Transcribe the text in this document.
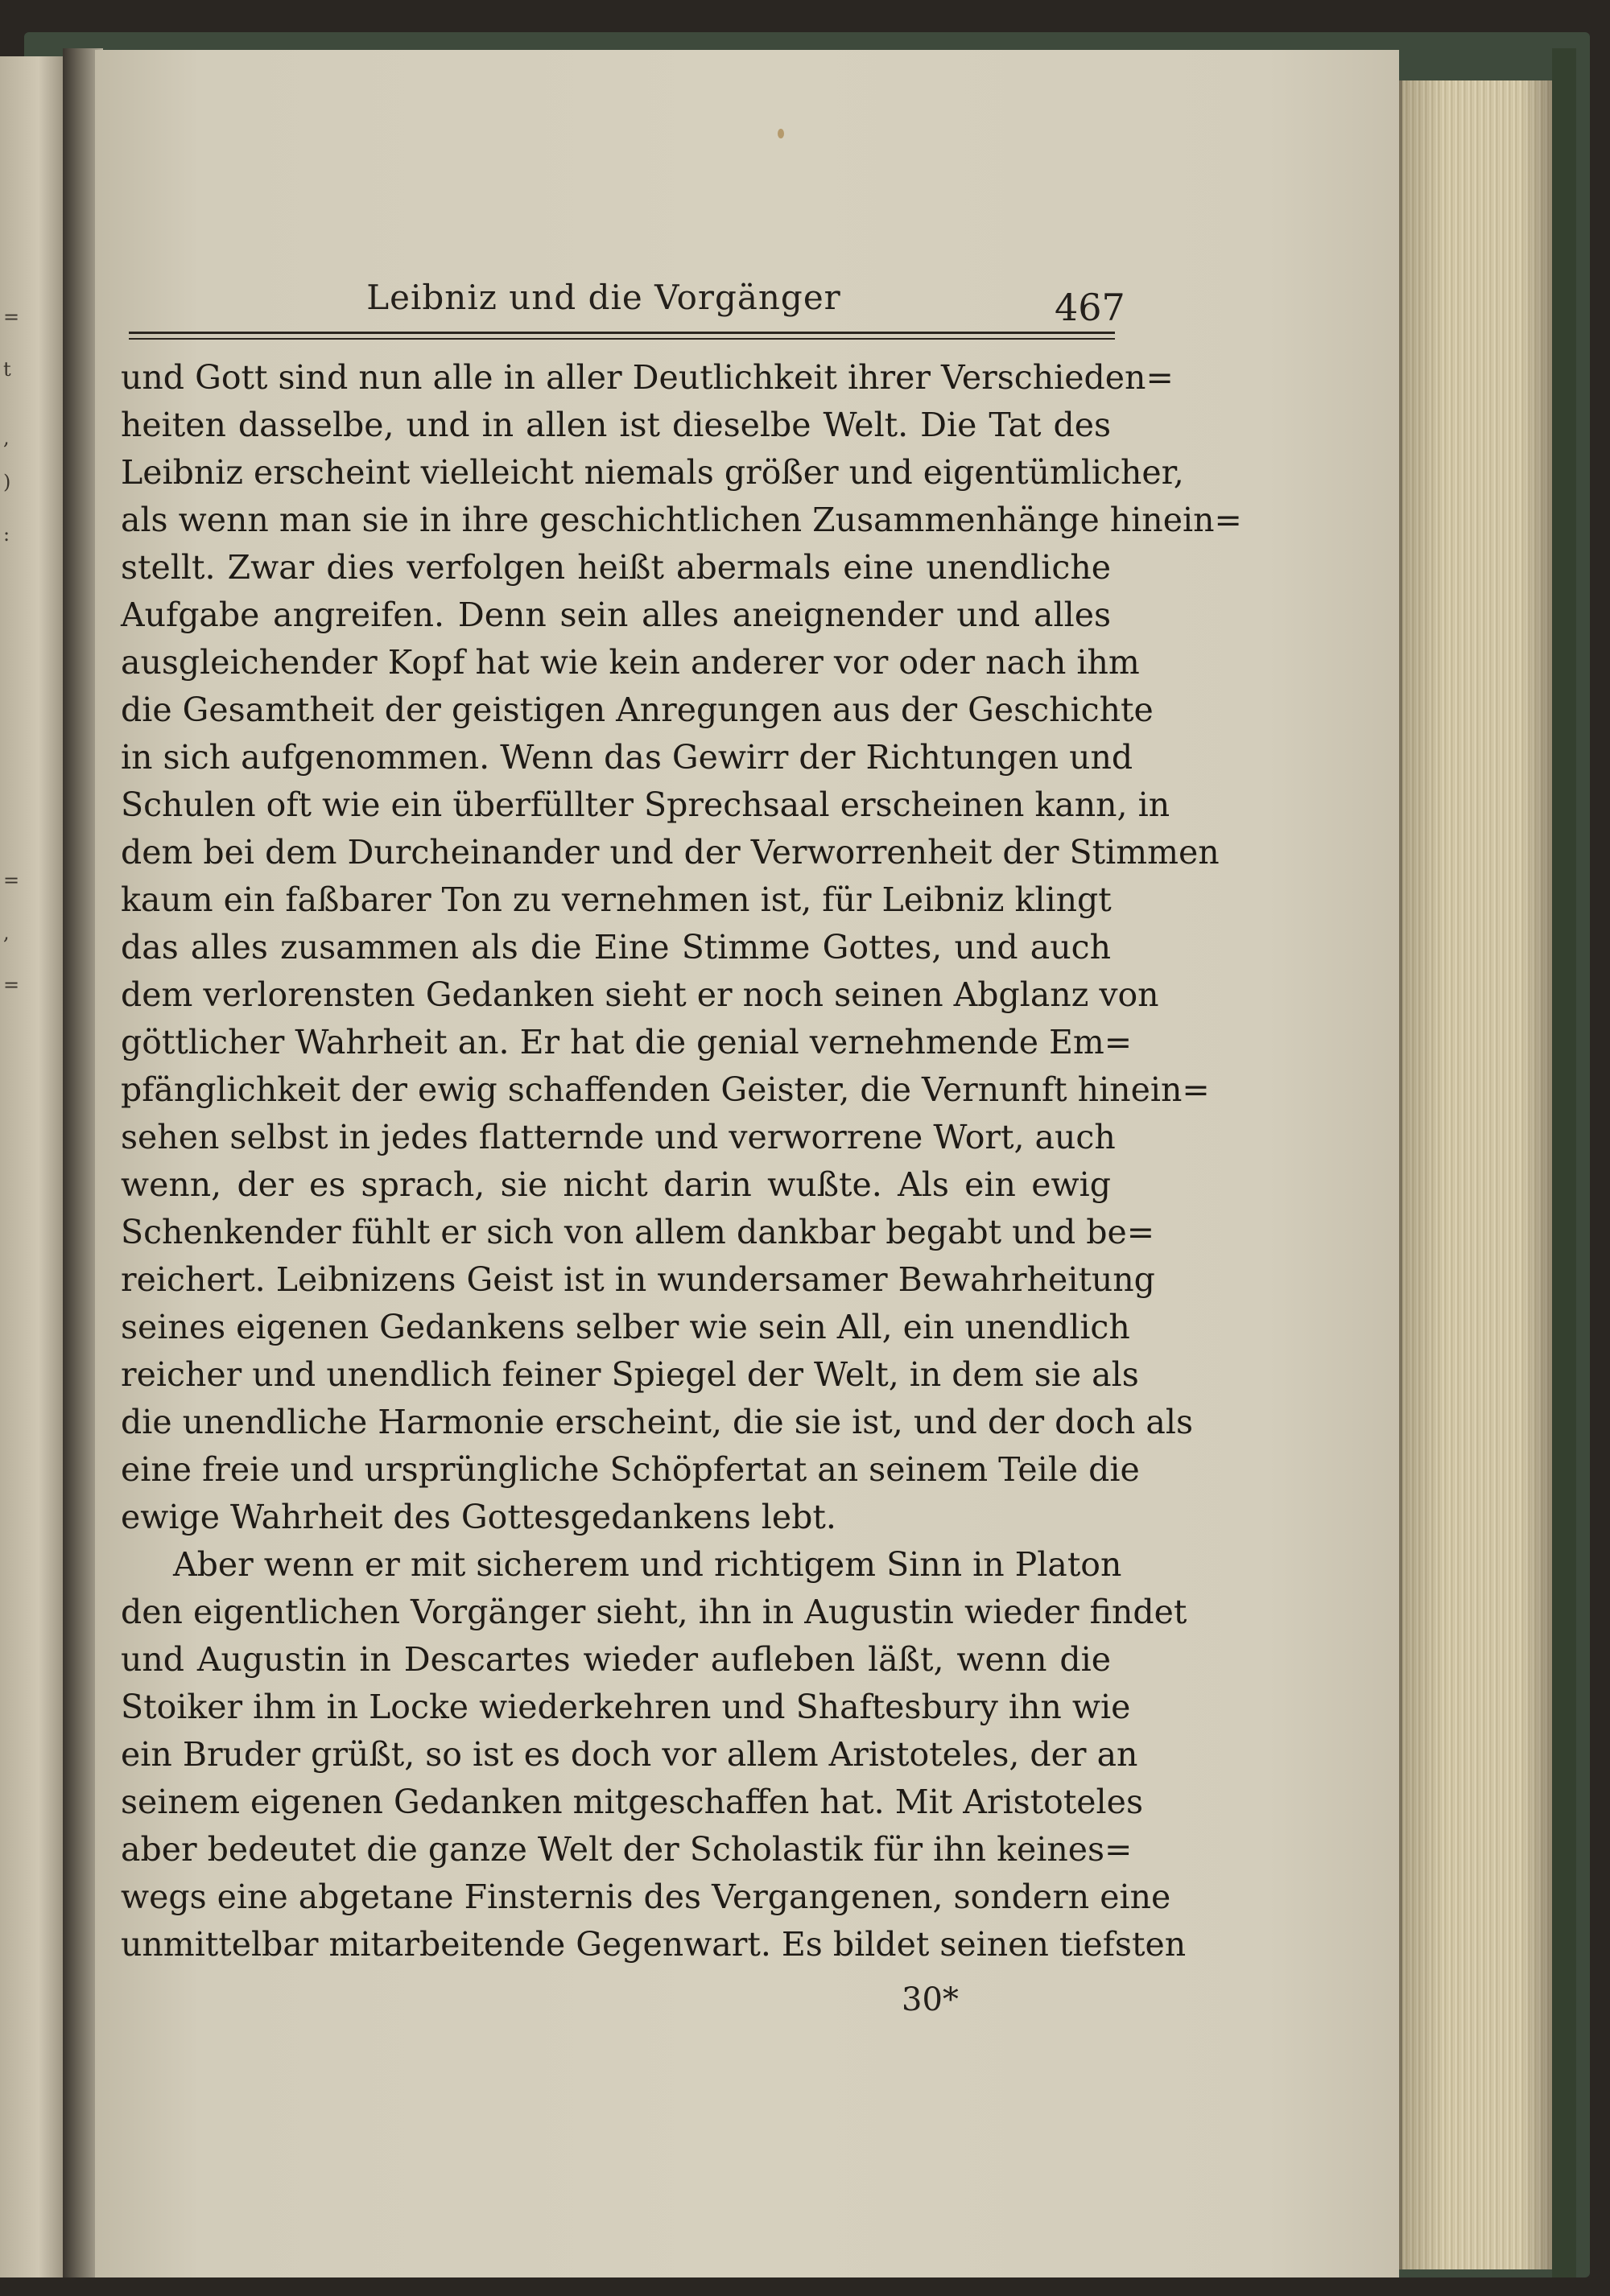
=
t
,
)
:
=
,
=
Leibniz und die Vorgänger	467
und Gott sind nun alle in aller Deutlichkeit ihrer Verschieden=
heiten dasselbe, und in allen ist dieselbe Welt. Die Tat des
Leibniz erscheint vielleicht niemals größer und eigentümlicher,
als wenn man sie in ihre geschichtlichen Zusammenhänge hinein=
stellt. Zwar dies verfolgen heißt abermals eine unendliche
Aufgabe angreifen. Denn sein alles aneignender und alles
ausgleichender Kopf hat wie kein anderer vor oder nach ihm
die Gesamtheit der geistigen Anregungen aus der Geschichte
in sich aufgenommen. Wenn das Gewirr der Richtungen und
Schulen oft wie ein überfüllter Sprechsaal erscheinen kann, in
dem bei dem Durcheinander und der Verworrenheit der Stimmen
kaum ein faßbarer Ton zu vernehmen ist, für Leibniz klingt
das alles zusammen als die Eine Stimme Gottes, und auch
dem verlorensten Gedanken sieht er noch seinen Abglanz von
göttlicher Wahrheit an. Er hat die genial vernehmende Em=
pfänglichkeit der ewig schaffenden Geister, die Vernunft hinein=
sehen selbst in jedes flatternde und verworrene Wort, auch
wenn, der es sprach, sie nicht darin wußte. Als ein ewig
Schenkender fühlt er sich von allem dankbar begabt und be=
reichert. Leibnizens Geist ist in wundersamer Bewahrheitung
seines eigenen Gedankens selber wie sein All, ein unendlich
reicher und unendlich feiner Spiegel der Welt, in dem sie als
die unendliche Harmonie erscheint, die sie ist, und der doch als
eine freie und ursprüngliche Schöpfertat an seinem Teile die
ewige Wahrheit des Gottesgedankens lebt.
Aber wenn er mit sicherem und richtigem Sinn in Platon
den eigentlichen Vorgänger sieht, ihn in Augustin wieder findet
und Augustin in Descartes wieder aufleben läßt, wenn die
Stoiker ihm in Locke wiederkehren und Shaftesbury ihn wie
ein Bruder grüßt, so ist es doch vor allem Aristoteles, der an
seinem eigenen Gedanken mitgeschaffen hat. Mit Aristoteles
aber bedeutet die ganze Welt der Scholastik für ihn keines=
wegs eine abgetane Finsternis des Vergangenen, sondern eine
unmittelbar mitarbeitende Gegenwart. Es bildet seinen tiefsten
30*
